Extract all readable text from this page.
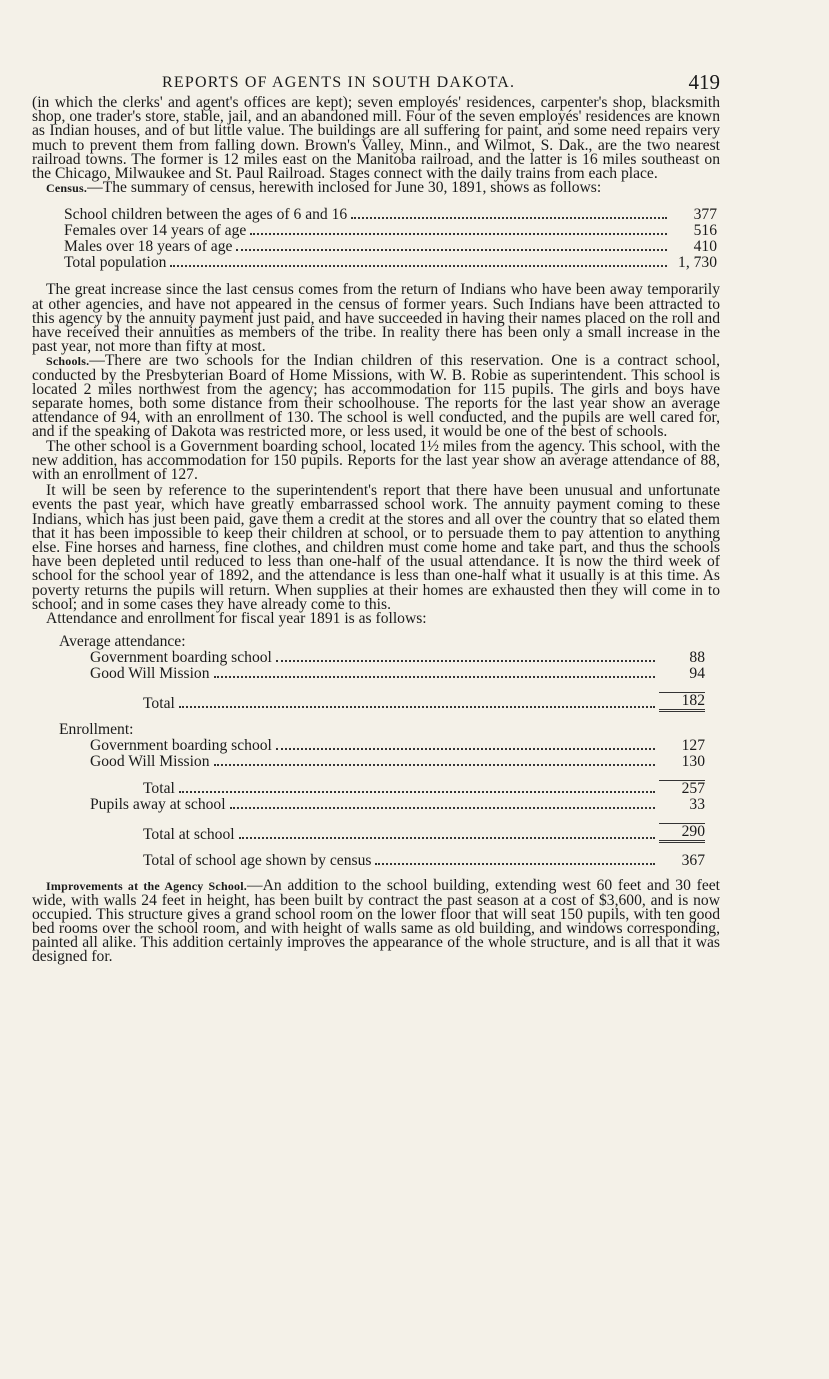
REPORTS OF AGENTS IN SOUTH DAKOTA.	419

(in which the clerks' and agent's offices are kept); seven employés' residences, carpenter's shop, blacksmith shop, one trader's store, stable, jail, and an abandoned mill. Four of the seven employés' residences are known as Indian houses, and of but little value. The buildings are all suffering for paint, and some need repairs very much to prevent them from falling down. Brown's Valley, Minn., and Wilmot, S. Dak., are the two nearest railroad towns. The former is 12 miles east on the Manitoba railroad, and the latter is 16 miles southeast on the Chicago, Milwaukee and St. Paul Railroad. Stages connect with the daily trains from each place.

Census.—The summary of census, herewith inclosed for June 30, 1891, shows as follows:

School children between the ages of 6 and 16	377
Females over 14 years of age	516
Males over 18 years of age	410
Total population	1, 730

The great increase since the last census comes from the return of Indians who have been away temporarily at other agencies, and have not appeared in the census of former years. Such Indians have been attracted to this agency by the annuity payment just paid, and have succeeded in having their names placed on the roll and have received their annuities as members of the tribe. In reality there has been only a small increase in the past year, not more than fifty at most.

Schools.—There are two schools for the Indian children of this reservation. One is a contract school, conducted by the Presbyterian Board of Home Missions, with W. B. Robie as superintendent. This school is located 2 miles northwest from the agency; has accommodation for 115 pupils. The girls and boys have separate homes, both some distance from their schoolhouse. The reports for the last year show an average attendance of 94, with an enrollment of 130. The school is well conducted, and the pupils are well cared for, and if the speaking of Dakota was restricted more, or less used, it would be one of the best of schools.

The other school is a Government boarding school, located 1½ miles from the agency. This school, with the new addition, has accommodation for 150 pupils. Reports for the last year show an average attendance of 88, with an enrollment of 127.

It will be seen by reference to the superintendent's report that there have been unusual and unfortunate events the past year, which have greatly embarrassed school work. The annuity payment coming to these Indians, which has just been paid, gave them a credit at the stores and all over the country that so elated them that it has been impossible to keep their children at school, or to persuade them to pay attention to anything else. Fine horses and harness, fine clothes, and children must come home and take part, and thus the schools have been depleted until reduced to less than one-half of the usual attendance. It is now the third week of school for the school year of 1892, and the attendance is less than one-half what it usually is at this time. As poverty returns the pupils will return. When supplies at their homes are exhausted then they will come in to school; and in some cases they have already come to this.

Attendance and enrollment for fiscal year 1891 is as follows:

Average attendance:
Government boarding school	88
Good Will Mission	94
Total	182
Enrollment:
Government boarding school	127
Good Will Mission	130
Total	257
Pupils away at school	33
Total at school	290
Total of school age shown by census	367

Improvements at the Agency School.—An addition to the school building, extending west 60 feet and 30 feet wide, with walls 24 feet in height, has been built by contract the past season at a cost of $3,600, and is now occupied. This structure gives a grand school room on the lower floor that will seat 150 pupils, with ten good bed rooms over the school room, and with height of walls same as old building, and windows corresponding, painted all alike. This addition certainly improves the appearance of the whole structure, and is all that it was designed for.
